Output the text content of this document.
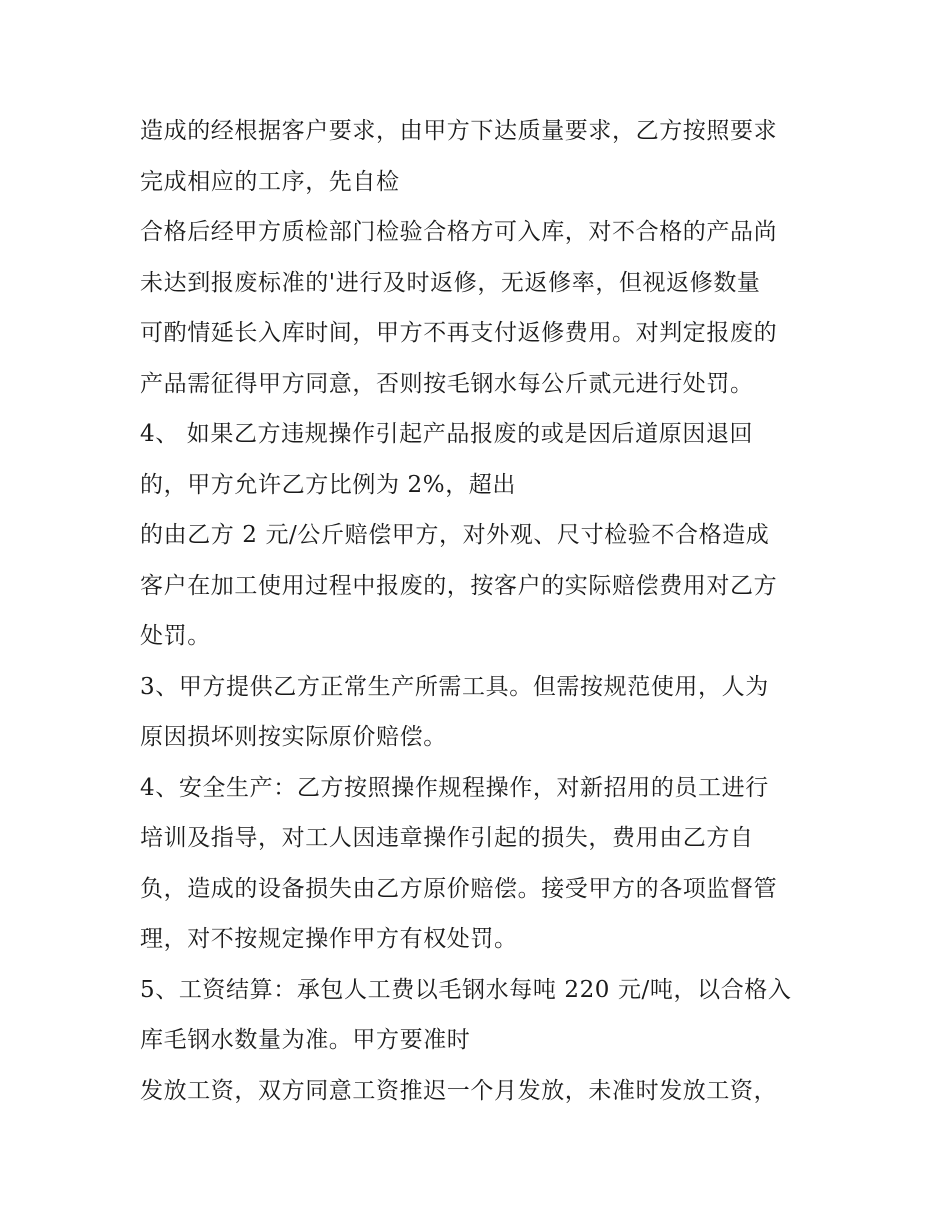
造成的经根据客户要求，由甲方下达质量要求，乙方按照要求
完成相应的工序，先自检
合格后经甲方质检部门检验合格方可入库，对不合格的产品尚
未达到报废标准的'进行及时返修，无返修率，但视返修数量
可酌情延长入库时间，甲方不再支付返修费用。对判定报废的
产品需征得甲方同意，否则按毛钢水每公斤贰元进行处罚。
4、 如果乙方违规操作引起产品报废的或是因后道原因退回
的，甲方允许乙方比例为 2%，超出
的由乙方 2 元/公斤赔偿甲方，对外观、尺寸检验不合格造成
客户在加工使用过程中报废的，按客户的实际赔偿费用对乙方
处罚。
3、甲方提供乙方正常生产所需工具。但需按规范使用，人为
原因损坏则按实际原价赔偿。
4、安全生产：乙方按照操作规程操作，对新招用的员工进行
培训及指导，对工人因违章操作引起的损失，费用由乙方自
负，造成的设备损失由乙方原价赔偿。接受甲方的各项监督管
理，对不按规定操作甲方有权处罚。
5、工资结算：承包人工费以毛钢水每吨 220 元/吨，以合格入
库毛钢水数量为准。甲方要准时
发放工资，双方同意工资推迟一个月发放，未准时发放工资，
